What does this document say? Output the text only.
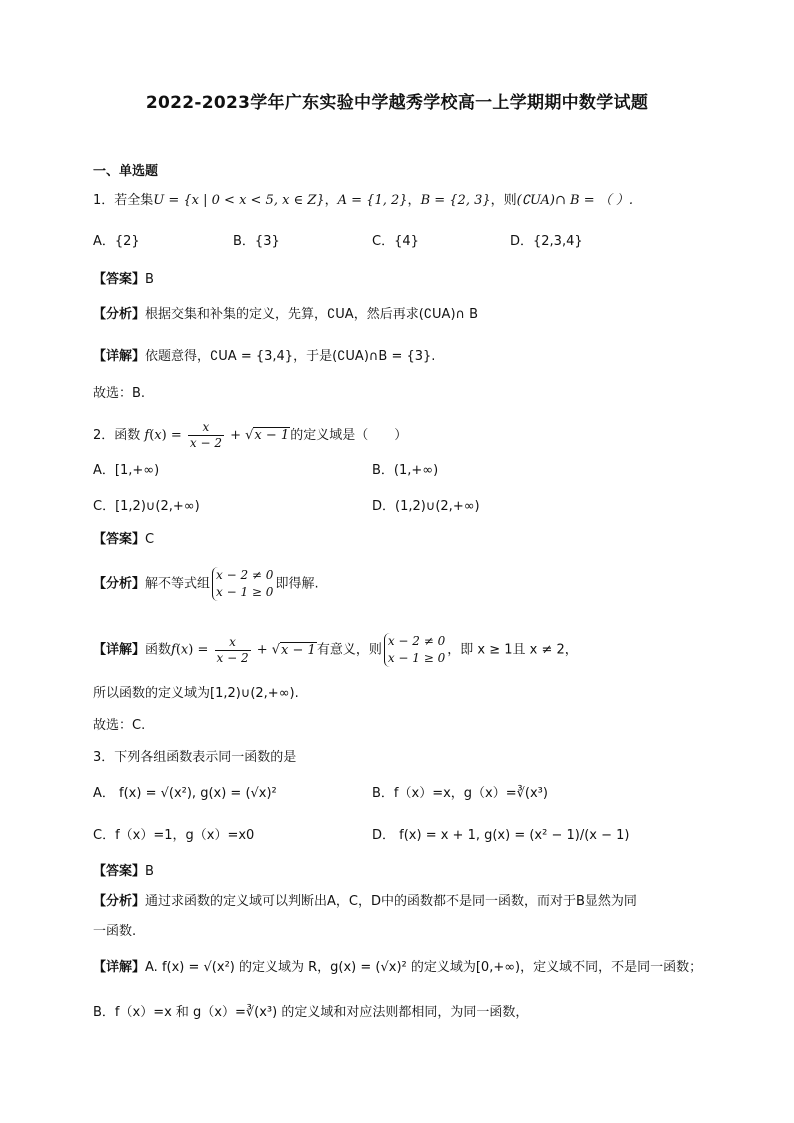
2022-2023学年广东实验中学越秀学校高一上学期期中数学试题
一、单选题
1．若全集U = {x | 0 < x < 5, x ∈ Z}，A = {1, 2}，B = {2, 3}，则(∁UA)∩ B = （ ）.
A．{2}	B．{3}	C．{4}	D．{2,3,4}
【答案】B
【分析】根据交集和补集的定义，先算，∁UA，然后再求(∁UA)∩ B
【详解】依题意得，∁UA = {3,4}，于是(∁UA)∩B = {3}.
故选：B.
2．函数 $f(x) = \frac{x}{x - 2} + √x - 1$的定义域是（　　）
A．[1,+∞)	B．(1,+∞)
C．[1,2)∪(2,+∞)	D．(1,2)∪(2,+∞)
【答案】C
【分析】解不等式组
x − 2 ≠ 0
x − 1 ≥ 0
即得解.
【详解】函数$f(x) = \frac{x}{x - 2} + √x - 1$有意义，则
x − 2 ≠ 0
x − 1 ≥ 0
，即 x ≥ 1且 x ≠ 2，
所以函数的定义域为[1,2)∪(2,+∞).
故选：C.
3．下列各组函数表示同一函数的是
A． f(x) = √(x²), g(x) = (√x)²	B．f（x）=x，g（x）=∛(x³)
C．f（x）=1，g（x）=x0	D． f(x) = x + 1, g(x) = (x² − 1)/(x − 1)
【答案】B
【分析】通过求函数的定义域可以判断出A，C，D中的函数都不是同一函数，而对于B显然为同
一函数.
【详解】A. f(x) = √(x²) 的定义域为 R，g(x) = (√x)² 的定义域为[0,+∞)，定义域不同，不是同一函数；
B．f（x）=x 和 g（x）=∛(x³) 的定义域和对应法则都相同，为同一函数，
